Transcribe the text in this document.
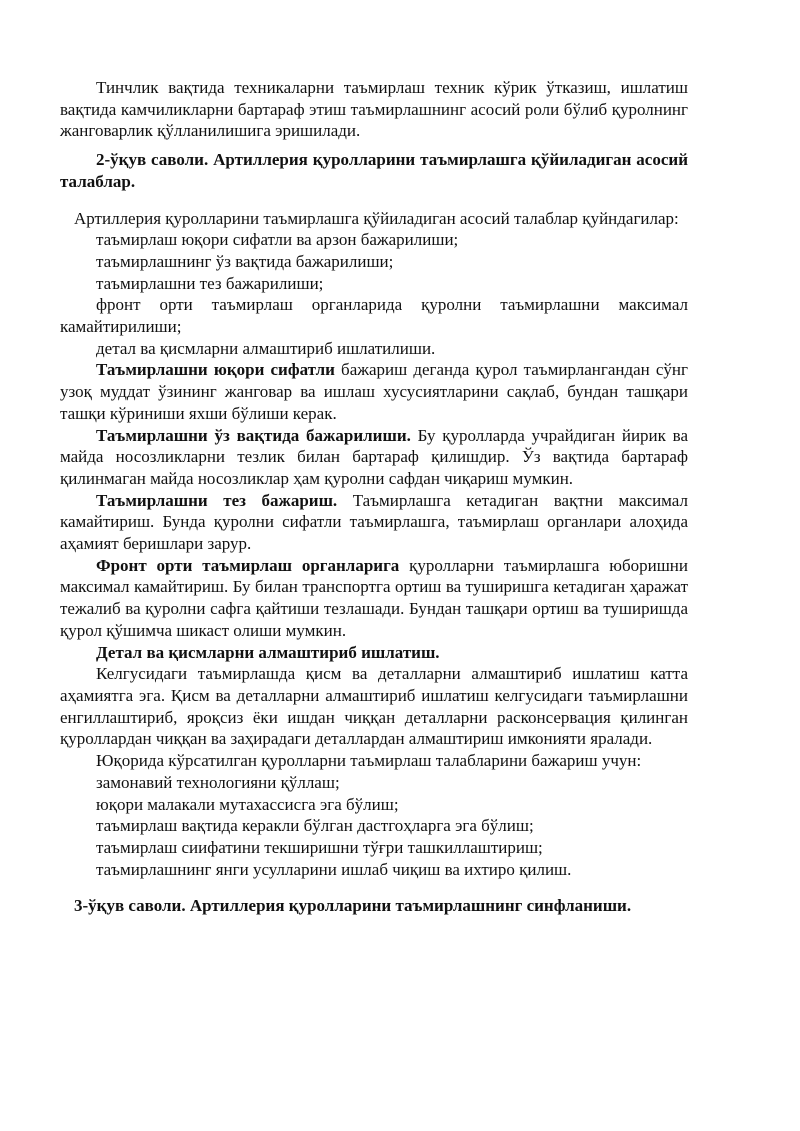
Тинчлик вақтида техникаларни таъмирлаш техник кўрик ўтказиш, ишлатиш вақтида камчиликларни бартараф этиш таъмирлашнинг асосий роли бўлиб қуролнинг жанговарлик қўлланилишига эришилади.

2-ўқув саволи. Артиллерия қуролларини таъмирлашга қўйиладиган асосий талаблар.

Артиллерия қуролларини таъмирлашга қўйиладиган асосий талаблар қуйндагилар:

таъмирлаш юқори сифатли ва арзон бажарилиши;

таъмирлашнинг ўз вақтида бажарилиши;

таъмирлашни тез бажарилиши;

фронт орти таъмирлаш органларида қуролни таъмирлашни максимал камайтирилиши;

детал ва қисмларни алмаштириб ишлатилиши.

Таъмирлашни юқори сифатли бажариш деганда қурол таъмирлангандан сўнг узоқ муддат ўзининг жанговар ва ишлаш хусусиятларини сақлаб, бундан ташқари ташқи кўриниши яхши бўлиши керак.

Таъмирлашни ўз вақтида бажарилиши. Бу қуролларда учрайдиган йирик ва майда носозликларни тезлик билан бартараф қилишдир. Ўз вақтида бартараф қилинмаган майда носозликлар ҳам қуролни сафдан чиқариш мумкин.

Таъмирлашни тез бажариш. Таъмирлашга кетадиган вақтни максимал камайтириш. Бунда қуролни сифатли таъмирлашга, таъмирлаш органлари алоҳида аҳамият беришлари зарур.

Фронт орти таъмирлаш органларига қуролларни таъмирлашга юборишни максимал камайтириш. Бу билан транспортга ортиш ва туширишга кетадиган ҳаражат тежалиб ва қуролни сафга қайтиши тезлашади. Бундан ташқари ортиш ва туширишда қурол қўшимча шикаст олиши мумкин.

Детал ва қисмларни алмаштириб ишлатиш.

Келгусидаги таъмирлашда қисм ва деталларни алмаштириб ишлатиш катта аҳамиятга эга. Қисм ва деталларни алмаштириб ишлатиш келгусидаги таъмирлашни енгиллаштириб, яроқсиз ёки ишдан чиққан деталларни расконсервация қилинган қуроллардан чиққан ва заҳирадаги деталлардан алмаштириш имконияти яралади.

Юқорида кўрсатилган қуролларни таъмирлаш талабларини бажариш учун:

замонавий технологияни қўллаш;

юқори малакали мутахассисга эга бўлиш;

таъмирлаш вақтида керакли бўлган дастгоҳларга эга бўлиш;

таъмирлаш сиифатини текширишни тўғри ташкиллаштириш;

таъмирлашнинг янги усулларини ишлаб чиқиш ва ихтиро қилиш.

3-ўқув саволи. Артиллерия қуролларини таъмирлашнинг синфланиши.
